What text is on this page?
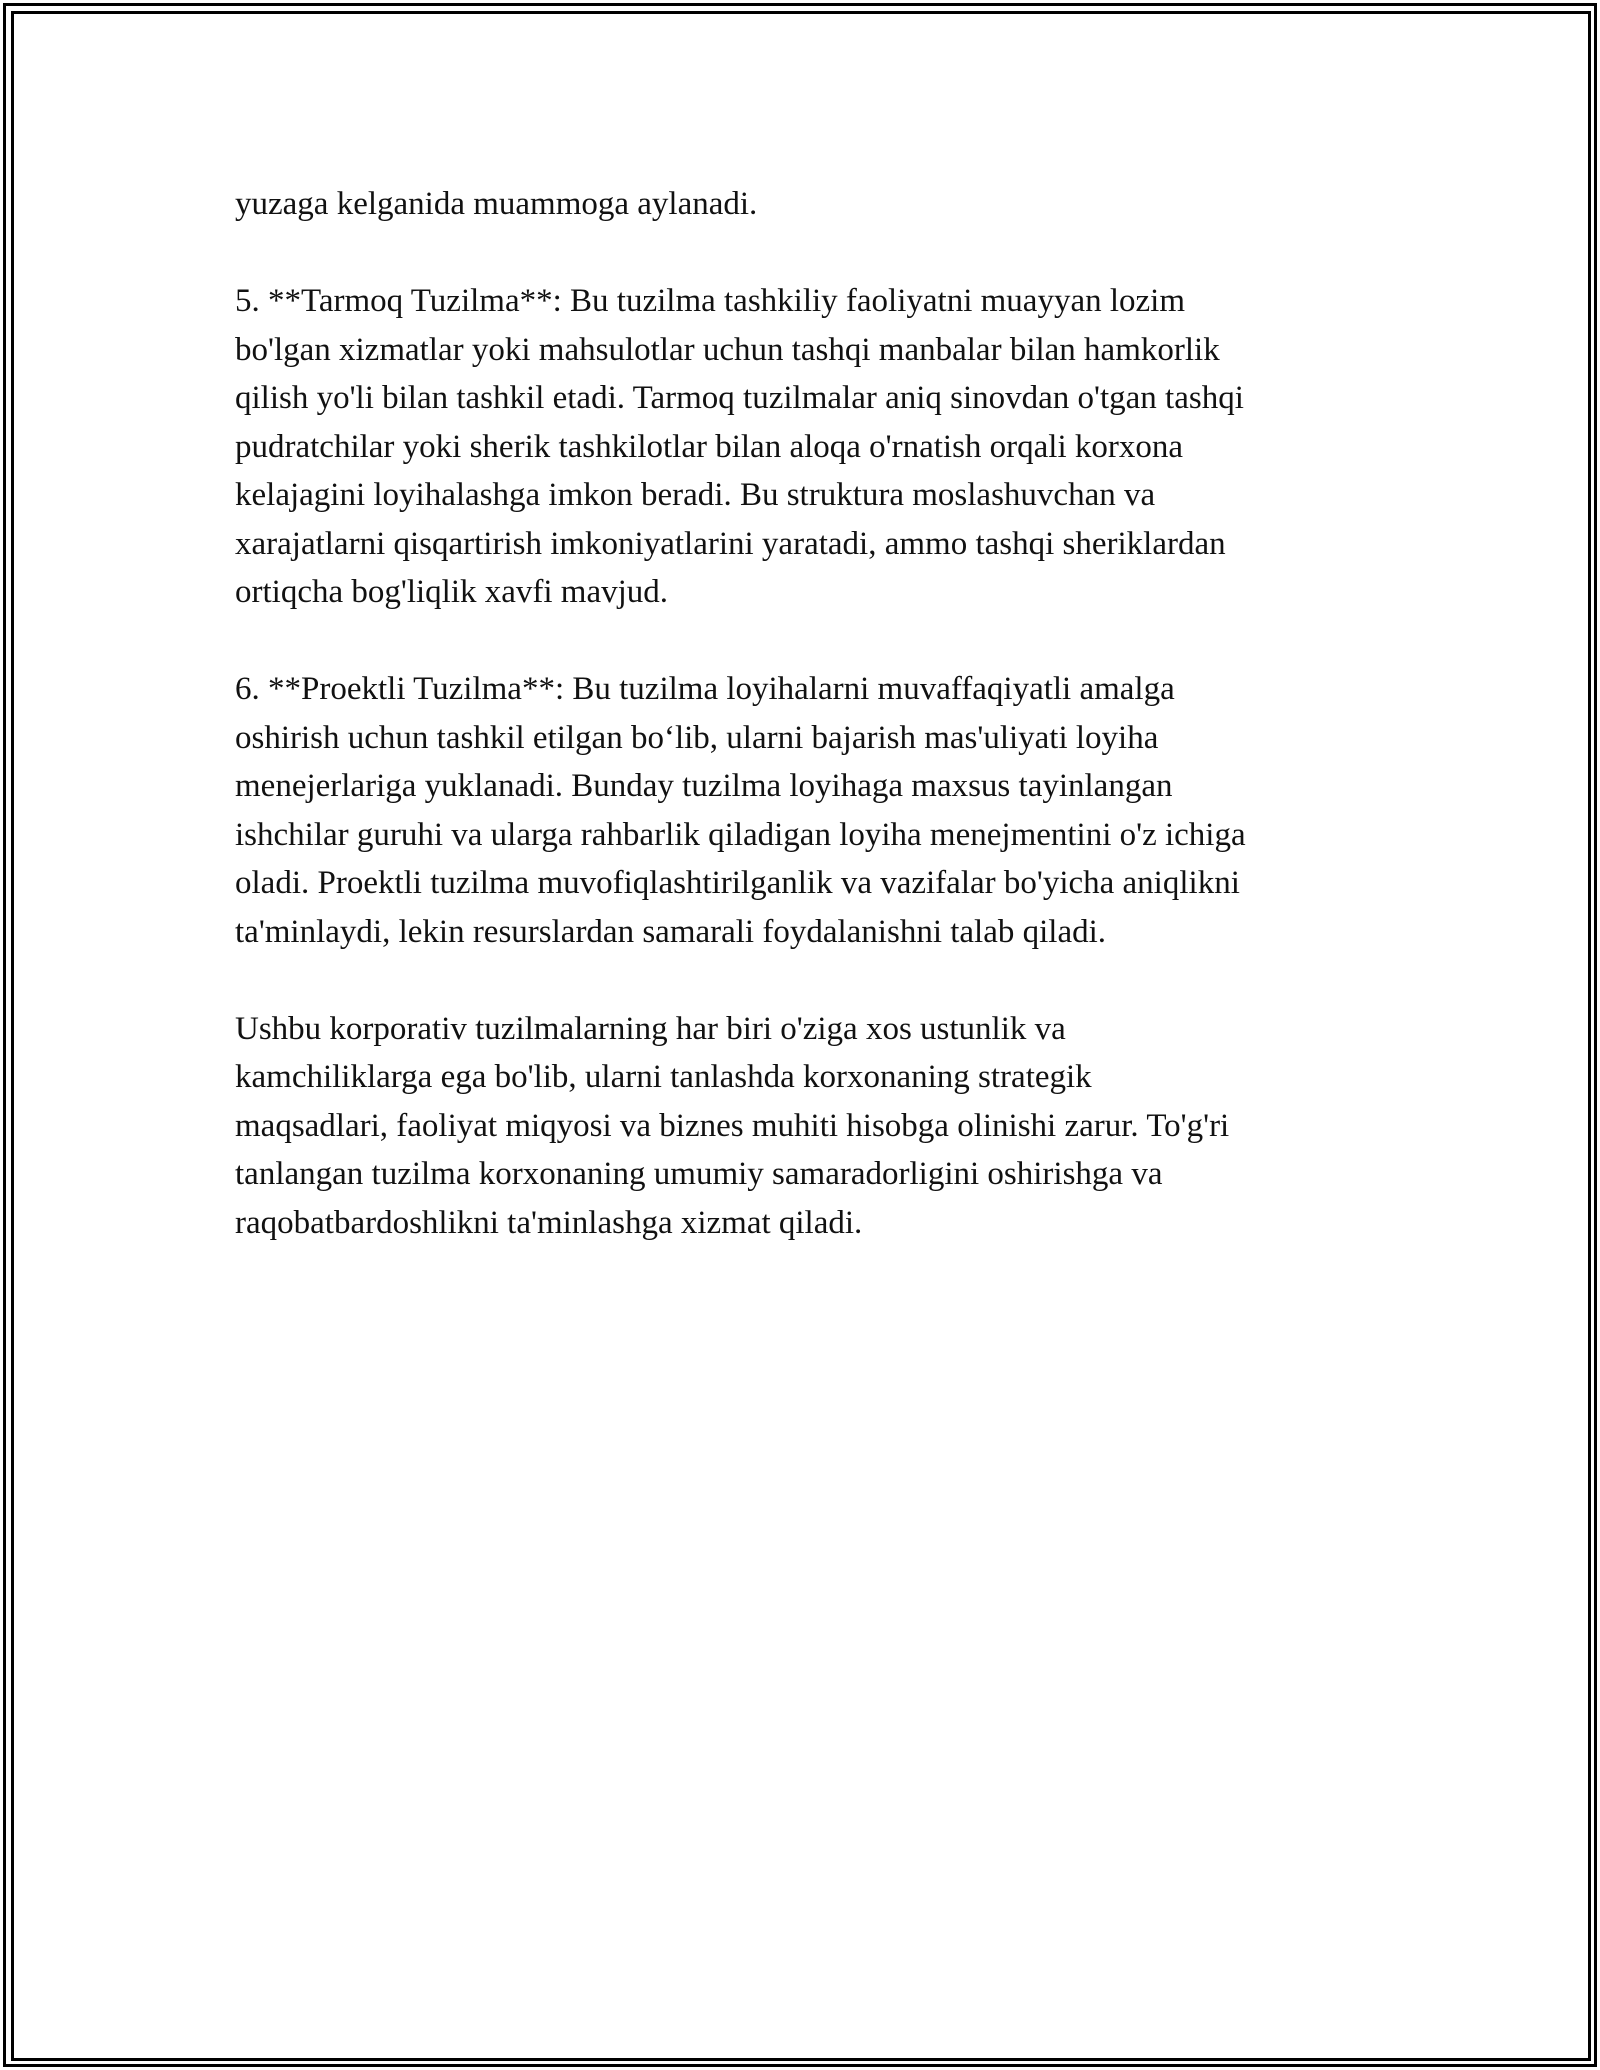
yuzaga kelganida muammoga aylanadi.

5. **Tarmoq Tuzilma**: Bu tuzilma tashkiliy faoliyatni muayyan lozim
bo'lgan xizmatlar yoki mahsulotlar uchun tashqi manbalar bilan hamkorlik
qilish yo'li bilan tashkil etadi. Tarmoq tuzilmalar aniq sinovdan o'tgan tashqi
pudratchilar yoki sherik tashkilotlar bilan aloqa o'rnatish orqali korxona
kelajagini loyihalashga imkon beradi. Bu struktura moslashuvchan va
xarajatlarni qisqartirish imkoniyatlarini yaratadi, ammo tashqi sheriklardan
ortiqcha bog'liqlik xavfi mavjud.

6. **Proektli Tuzilma**: Bu tuzilma loyihalarni muvaffaqiyatli amalga
oshirish uchun tashkil etilgan bo‘lib, ularni bajarish mas'uliyati loyiha
menejerlariga yuklanadi. Bunday tuzilma loyihaga maxsus tayinlangan
ishchilar guruhi va ularga rahbarlik qiladigan loyiha menejmentini o'z ichiga
oladi. Proektli tuzilma muvofiqlashtirilganlik va vazifalar bo'yicha aniqlikni
ta'minlaydi, lekin resurslardan samarali foydalanishni talab qiladi.

Ushbu korporativ tuzilmalarning har biri o'ziga xos ustunlik va
kamchiliklarga ega bo'lib, ularni tanlashda korxonaning strategik
maqsadlari, faoliyat miqyosi va biznes muhiti hisobga olinishi zarur. To'g'ri
tanlangan tuzilma korxonaning umumiy samaradorligini oshirishga va
raqobatbardoshlikni ta'minlashga xizmat qiladi.
